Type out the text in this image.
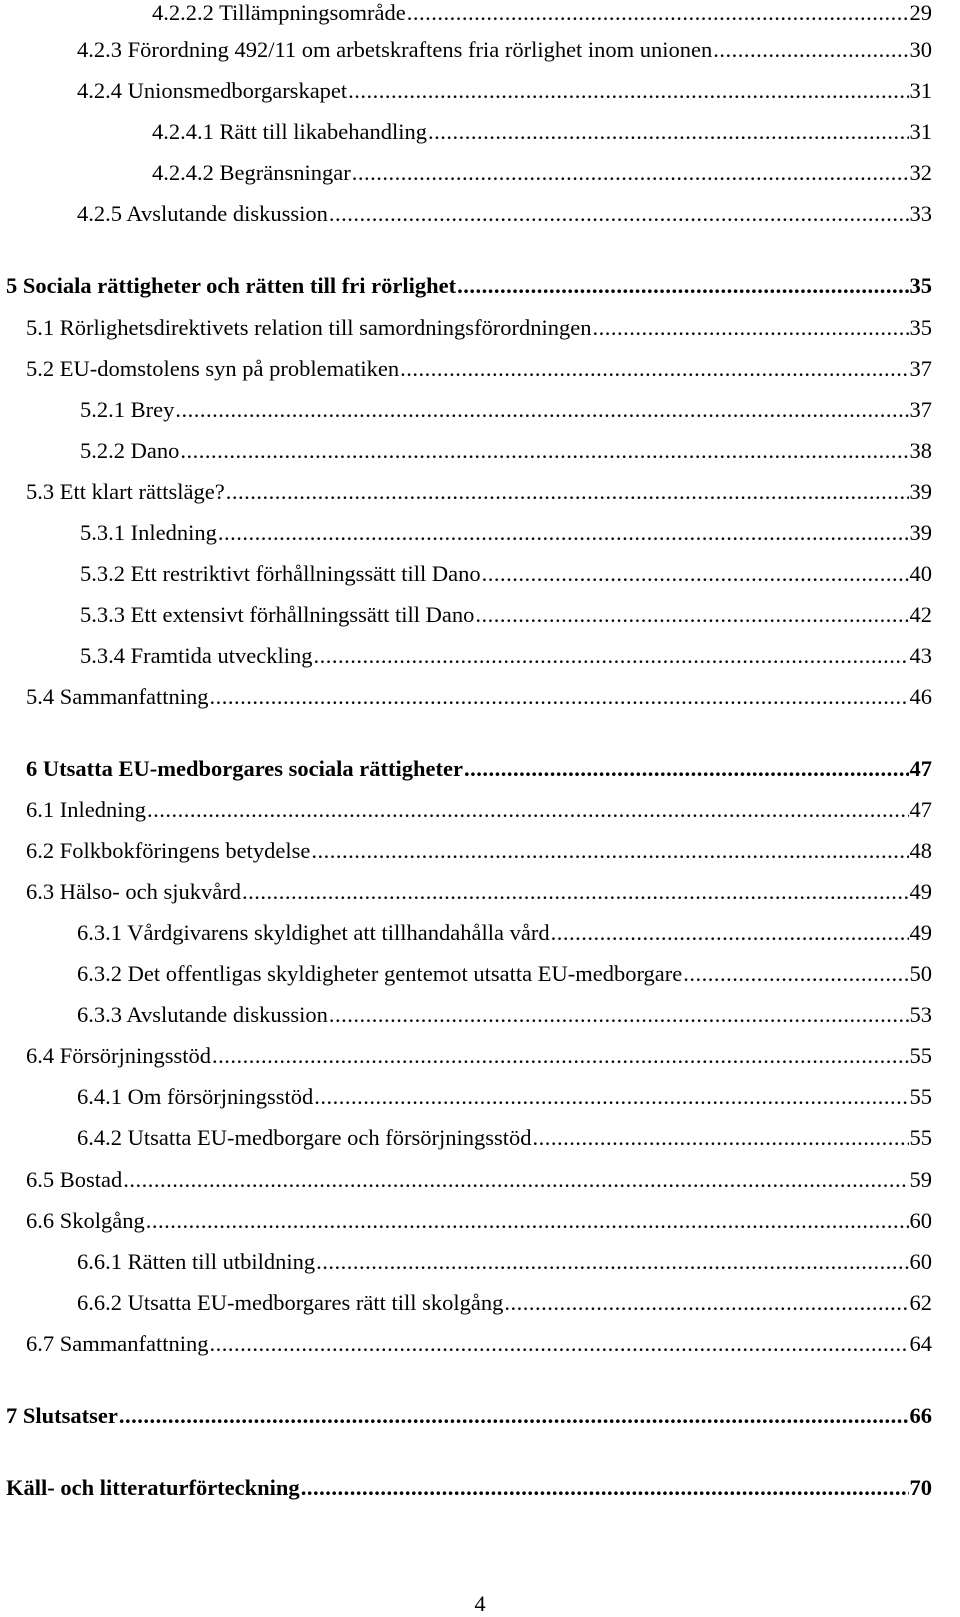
4.2.2.2 Tillämpningsområde .....	29
4.2.3 Förordning 492/11 om arbetskraftens fria rörlighet inom unionen .....	30
4.2.4 Unionsmedborgarskapet .....	31
4.2.4.1 Rätt till likabehandling .....	31
4.2.4.2 Begränsningar .....	32
4.2.5 Avslutande diskussion .....	33
5 Sociala rättigheter och rätten till fri rörlighet .....	35
5.1 Rörlighetsdirektivets relation till samordningsförordningen .....	35
5.2 EU-domstolens syn på problematiken .....	37
5.2.1 Brey .....	37
5.2.2 Dano .....	38
5.3 Ett klart rättsläge? .....	39
5.3.1 Inledning .....	39
5.3.2 Ett restriktivt förhållningssätt till Dano .....	40
5.3.3 Ett extensivt förhållningssätt till Dano .....	42
5.3.4 Framtida utveckling .....	43
5.4 Sammanfattning .....	46
6 Utsatta EU-medborgares sociala rättigheter .....	47
6.1 Inledning .....	47
6.2 Folkbokföringens betydelse .....	48
6.3 Hälso- och sjukvård .....	49
6.3.1 Vårdgivarens skyldighet att tillhandahålla vård .....	49
6.3.2 Det offentligas skyldigheter gentemot utsatta EU-medborgare .....	50
6.3.3 Avslutande diskussion .....	53
6.4 Försörjningsstöd .....	55
6.4.1 Om försörjningsstöd .....	55
6.4.2 Utsatta EU-medborgare och försörjningsstöd .....	55
6.5 Bostad .....	59
6.6 Skolgång .....	60
6.6.1 Rätten till utbildning .....	60
6.6.2 Utsatta EU-medborgares rätt till skolgång .....	62
6.7 Sammanfattning .....	64
7 Slutsatser .....	66
Käll- och litteraturförteckning .....	70
4
